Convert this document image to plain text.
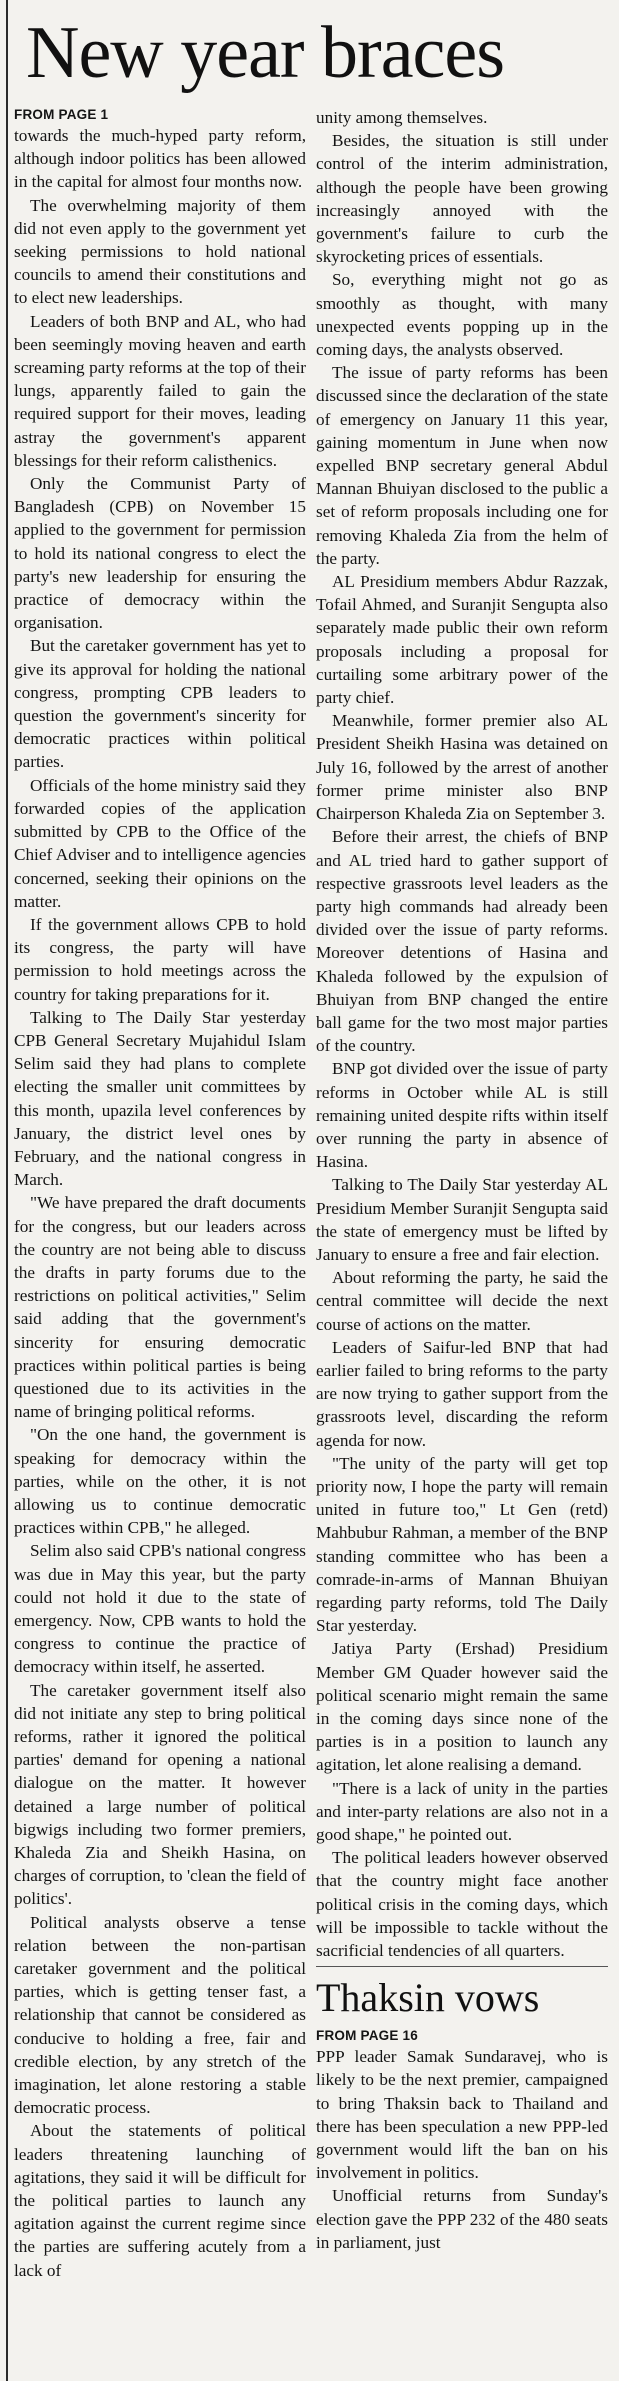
New year braces
FROM PAGE 1

towards the much-hyped party reform, although indoor politics has been allowed in the capital for almost four months now.

The overwhelming majority of them did not even apply to the government yet seeking permissions to hold national councils to amend their constitutions and to elect new leaderships.

Leaders of both BNP and AL, who had been seemingly moving heaven and earth screaming party reforms at the top of their lungs, apparently failed to gain the required support for their moves, leading astray the government's apparent blessings for their reform calisthenics.

Only the Communist Party of Bangladesh (CPB) on November 15 applied to the government for permission to hold its national congress to elect the party's new leadership for ensuring the practice of democracy within the organisation.

But the caretaker government has yet to give its approval for holding the national congress, prompting CPB leaders to question the government's sincerity for democratic practices within political parties.

Officials of the home ministry said they forwarded copies of the application submitted by CPB to the Office of the Chief Adviser and to intelligence agencies concerned, seeking their opinions on the matter.

If the government allows CPB to hold its congress, the party will have permission to hold meetings across the country for taking preparations for it.

Talking to The Daily Star yesterday CPB General Secretary Mujahidul Islam Selim said they had plans to complete electing the smaller unit committees by this month, upazila level conferences by January, the district level ones by February, and the national congress in March.

"We have prepared the draft documents for the congress, but our leaders across the country are not being able to discuss the drafts in party forums due to the restrictions on political activities," Selim said adding that the government's sincerity for ensuring democratic practices within political parties is being questioned due to its activities in the name of bringing political reforms.

"On the one hand, the government is speaking for democracy within the parties, while on the other, it is not allowing us to continue democratic practices within CPB," he alleged.

Selim also said CPB's national congress was due in May this year, but the party could not hold it due to the state of emergency. Now, CPB wants to hold the congress to continue the practice of democracy within itself, he asserted.

The caretaker government itself also did not initiate any step to bring political reforms, rather it ignored the political parties' demand for opening a national dialogue on the matter. It however detained a large number of political bigwigs including two former premiers, Khaleda Zia and Sheikh Hasina, on charges of corruption, to 'clean the field of politics'.

Political analysts observe a tense relation between the non-partisan caretaker government and the political parties, which is getting tenser fast, a relationship that cannot be considered as conducive to holding a free, fair and credible election, by any stretch of the imagination, let alone restoring a stable democratic process.

About the statements of political leaders threatening launching of agitations, they said it will be difficult for the political parties to launch any agitation against the current regime since the parties are suffering acutely from a lack of

unity among themselves.

Besides, the situation is still under control of the interim administration, although the people have been growing increasingly annoyed with the government's failure to curb the skyrocketing prices of essentials.

So, everything might not go as smoothly as thought, with many unexpected events popping up in the coming days, the analysts observed.

The issue of party reforms has been discussed since the declaration of the state of emergency on January 11 this year, gaining momentum in June when now expelled BNP secretary general Abdul Mannan Bhuiyan disclosed to the public a set of reform proposals including one for removing Khaleda Zia from the helm of the party.

AL Presidium members Abdur Razzak, Tofail Ahmed, and Suranjit Sengupta also separately made public their own reform proposals including a proposal for curtailing some arbitrary power of the party chief.

Meanwhile, former premier also AL President Sheikh Hasina was detained on July 16, followed by the arrest of another former prime minister also BNP Chairperson Khaleda Zia on September 3.

Before their arrest, the chiefs of BNP and AL tried hard to gather support of respective grassroots level leaders as the party high commands had already been divided over the issue of party reforms. Moreover detentions of Hasina and Khaleda followed by the expulsion of Bhuiyan from BNP changed the entire ball game for the two most major parties of the country.

BNP got divided over the issue of party reforms in October while AL is still remaining united despite rifts within itself over running the party in absence of Hasina.

Talking to The Daily Star yesterday AL Presidium Member Suranjit Sengupta said the state of emergency must be lifted by January to ensure a free and fair election.

About reforming the party, he said the central committee will decide the next course of actions on the matter.

Leaders of Saifur-led BNP that had earlier failed to bring reforms to the party are now trying to gather support from the grassroots level, discarding the reform agenda for now.

"The unity of the party will get top priority now, I hope the party will remain united in future too," Lt Gen (retd) Mahbubur Rahman, a member of the BNP standing committee who has been a comrade-in-arms of Mannan Bhuiyan regarding party reforms, told The Daily Star yesterday.

Jatiya Party (Ershad) Presidium Member GM Quader however said the political scenario might remain the same in the coming days since none of the parties is in a position to launch any agitation, let alone realising a demand.

"There is a lack of unity in the parties and inter-party relations are also not in a good shape," he pointed out.

The political leaders however observed that the country might face another political crisis in the coming days, which will be impossible to tackle without the sacrificial tendencies of all quarters.

Thaksin vows
FROM PAGE 16

PPP leader Samak Sundaravej, who is likely to be the next premier, campaigned to bring Thaksin back to Thailand and there has been speculation a new PPP-led government would lift the ban on his involvement in politics.

Unofficial returns from Sunday's election gave the PPP 232 of the 480 seats in parliament, just
